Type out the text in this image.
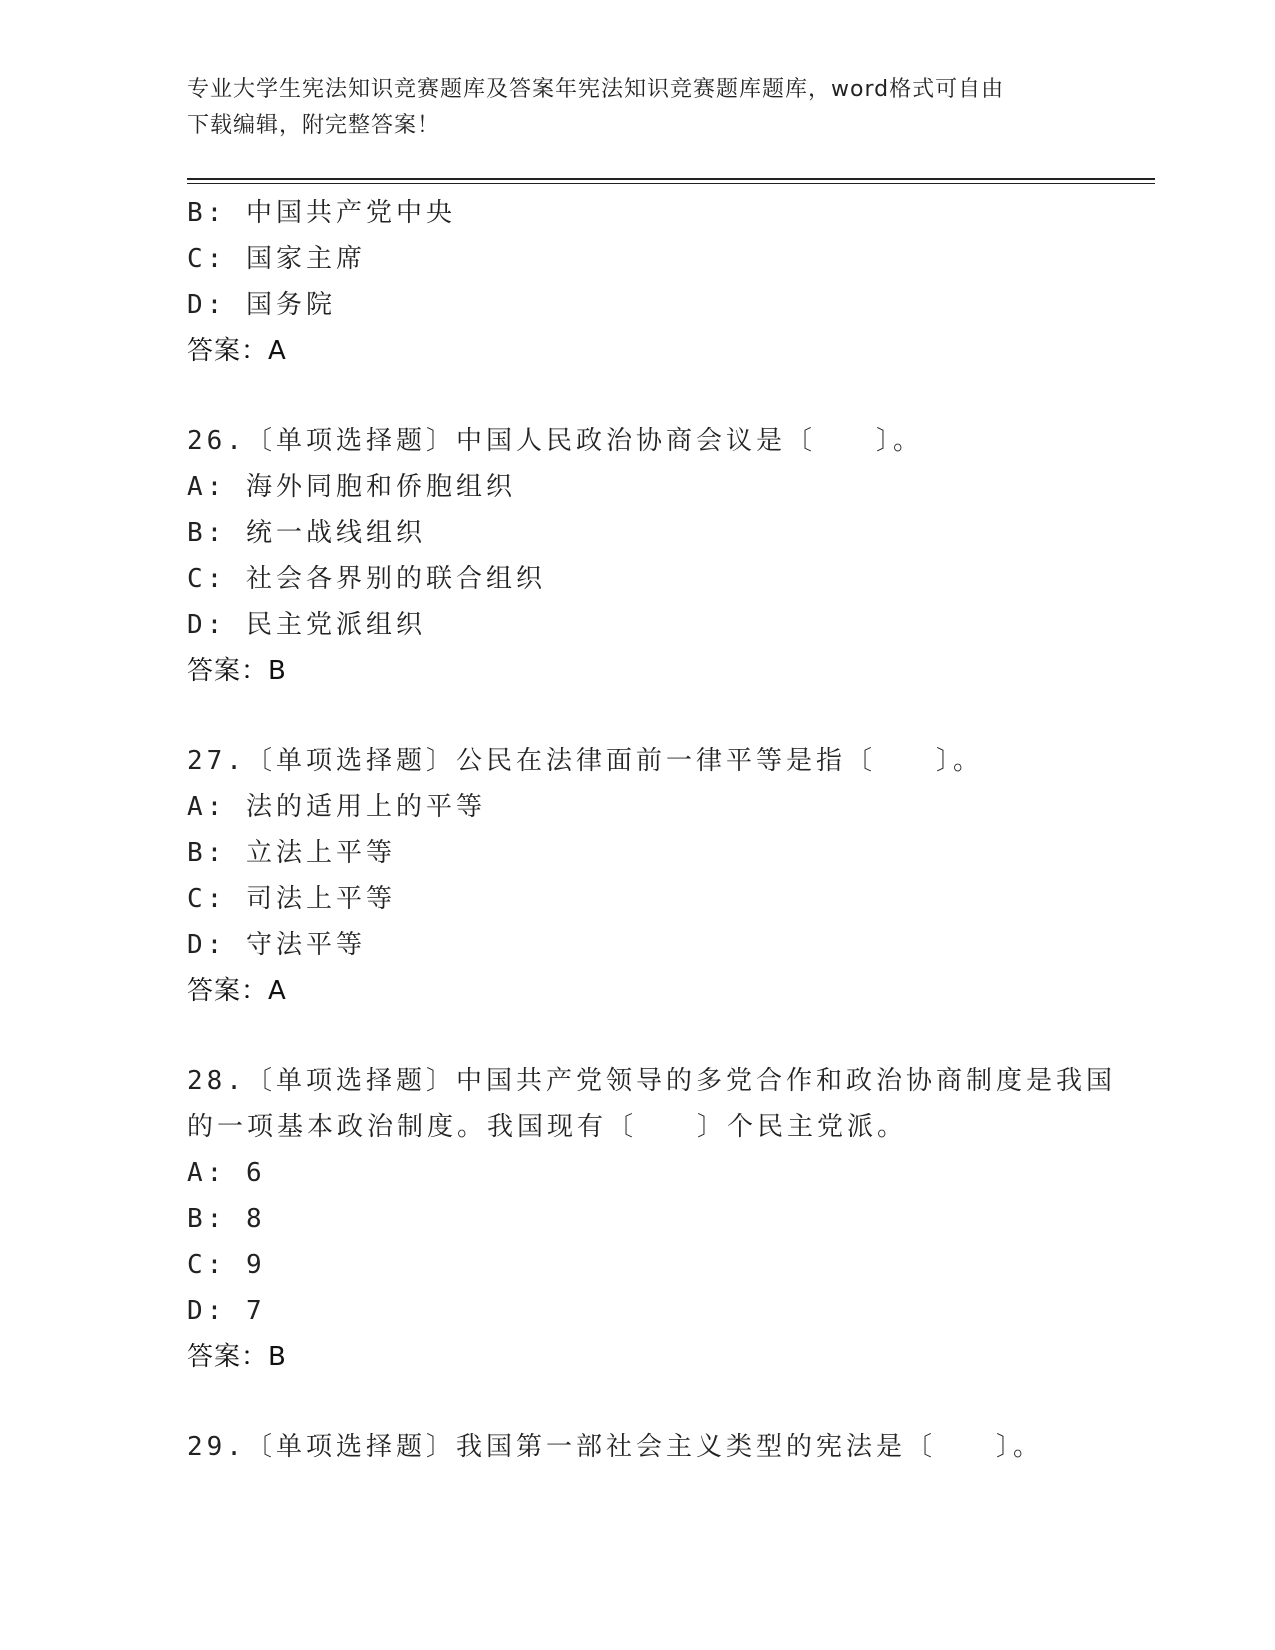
专业大学生宪法知识竞赛题库及答案年宪法知识竞赛题库题库，word格式可自由
下载编辑，附完整答案！
B: 中国共产党中央
C: 国家主席
D: 国务院
答案：A
26.〔单项选择题〕中国人民政治协商会议是〔　　〕。
A: 海外同胞和侨胞组织
B: 统一战线组织
C: 社会各界别的联合组织
D: 民主党派组织
答案：B
27.〔单项选择题〕公民在法律面前一律平等是指〔　　〕。
A: 法的适用上的平等
B: 立法上平等
C: 司法上平等
D: 守法平等
答案：A
28.〔单项选择题〕中国共产党领导的多党合作和政治协商制度是我国
的一项基本政治制度。我国现有〔　　〕个民主党派。
A: 6
B: 8
C: 9
D: 7
答案：B
29.〔单项选择题〕我国第一部社会主义类型的宪法是〔　　〕。
